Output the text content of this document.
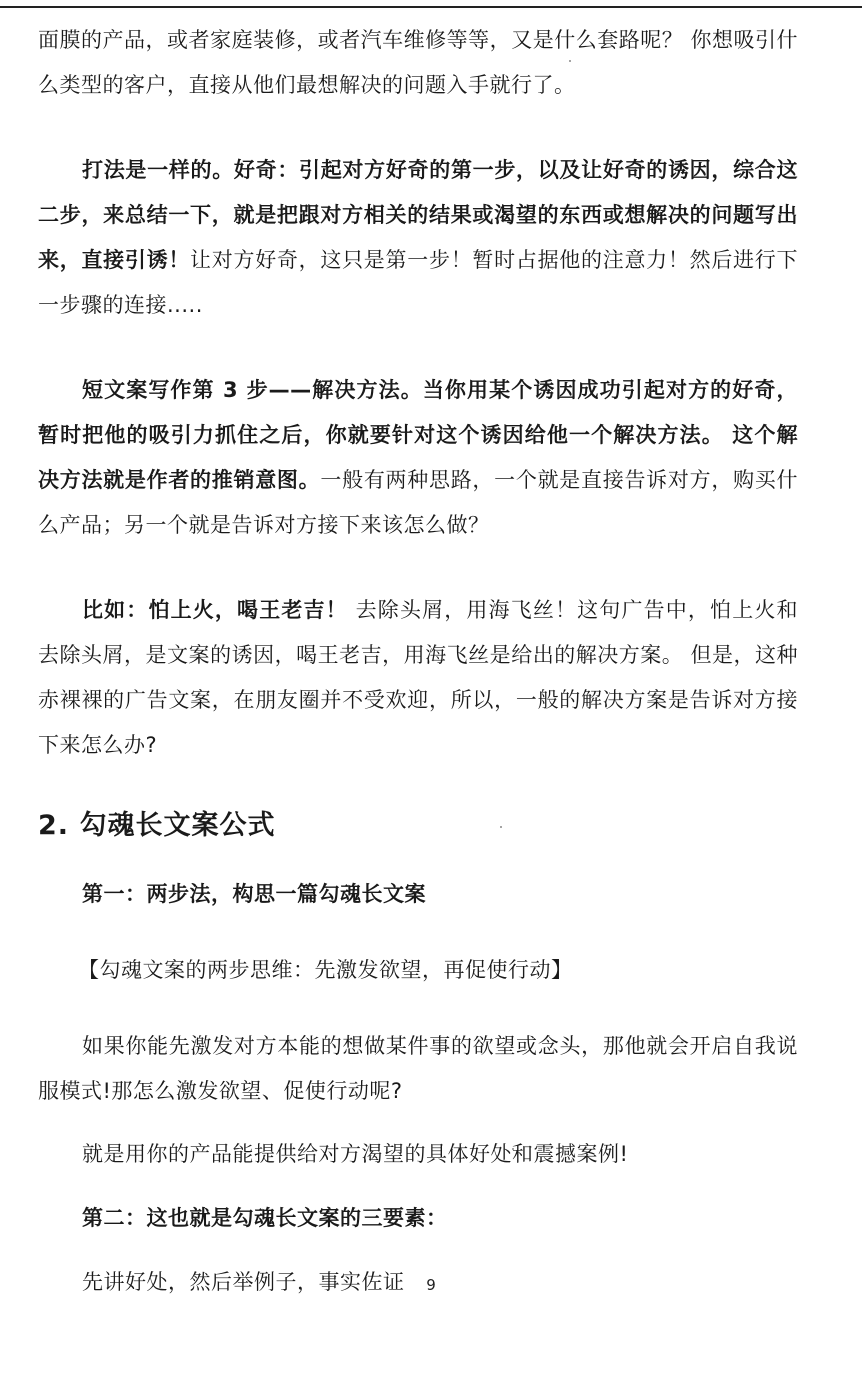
面膜的产品，或者家庭装修，或者汽车维修等等，又是什么套路呢？ 你想吸引什么类型的客户，直接从他们最想解决的问题入手就行了。

打法是一样的。好奇：引起对方好奇的第一步，以及让好奇的诱因，综合这二步，来总结一下，就是把跟对方相关的结果或渴望的东西或想解决的问题写出来，直接引诱！让对方好奇，这只是第一步！暂时占据他的注意力！然后进行下一步骤的连接.....

短文案写作第 3 步——解决方法。当你用某个诱因成功引起对方的好奇，暂时把他的吸引力抓住之后，你就要针对这个诱因给他一个解决方法。 这个解决方法就是作者的推销意图。一般有两种思路，一个就是直接告诉对方，购买什么产品；另一个就是告诉对方接下来该怎么做？

比如：怕上火，喝王老吉！ 去除头屑，用海飞丝！这句广告中，怕上火和去除头屑，是文案的诱因，喝王老吉，用海飞丝是给出的解决方案。 但是，这种赤裸裸的广告文案，在朋友圈并不受欢迎，所以，一般的解决方案是告诉对方接下来怎么办?

2. 勾魂长文案公式

第一：两步法，构思一篇勾魂长文案

【勾魂文案的两步思维：先激发欲望，再促使行动】

如果你能先激发对方本能的想做某件事的欲望或念头，那他就会开启自我说服模式!那怎么激发欲望、促使行动呢?

就是用你的产品能提供给对方渴望的具体好处和震撼案例!

第二：这也就是勾魂长文案的三要素：

先讲好处，然后举例子，事实佐证	9
